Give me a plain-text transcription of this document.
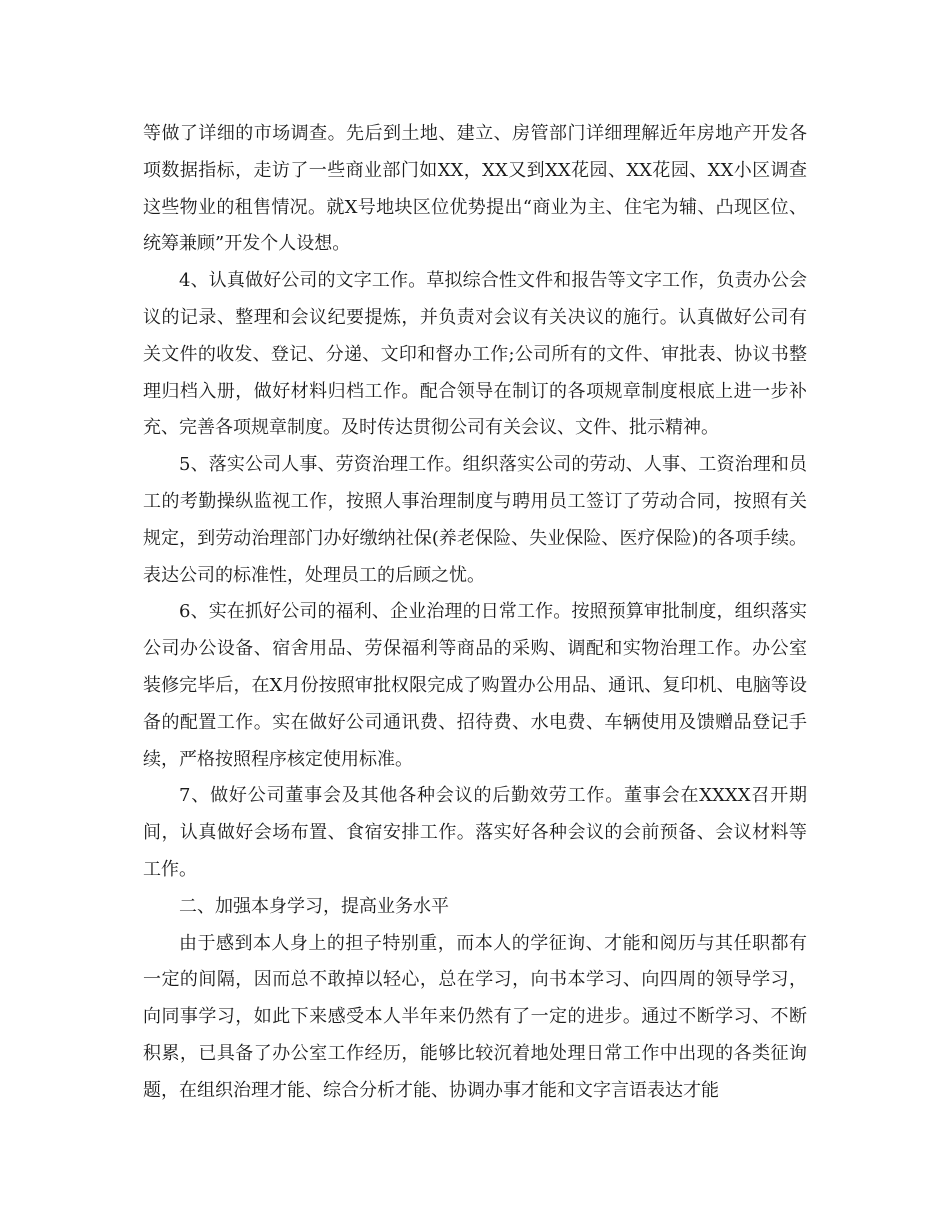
等做了详细的市场调查。先后到土地、建立、房管部门详细理解近年房地产开发各项数据指标，走访了一些商业部门如XX，XX又到XX花园、XX花园、XX小区调查这些物业的租售情况。就X号地块区位优势提出“商业为主、住宅为辅、凸现区位、统筹兼顾”开发个人设想。

4、认真做好公司的文字工作。草拟综合性文件和报告等文字工作，负责办公会议的记录、整理和会议纪要提炼，并负责对会议有关决议的施行。认真做好公司有关文件的收发、登记、分递、文印和督办工作;公司所有的文件、审批表、协议书整理归档入册，做好材料归档工作。配合领导在制订的各项规章制度根底上进一步补充、完善各项规章制度。及时传达贯彻公司有关会议、文件、批示精神。

5、落实公司人事、劳资治理工作。组织落实公司的劳动、人事、工资治理和员工的考勤操纵监视工作，按照人事治理制度与聘用员工签订了劳动合同，按照有关规定，到劳动治理部门办好缴纳社保(养老保险、失业保险、医疗保险)的各项手续。表达公司的标准性，处理员工的后顾之忧。

6、实在抓好公司的福利、企业治理的日常工作。按照预算审批制度，组织落实公司办公设备、宿舍用品、劳保福利等商品的采购、调配和实物治理工作。办公室装修完毕后，在X月份按照审批权限完成了购置办公用品、通讯、复印机、电脑等设备的配置工作。实在做好公司通讯费、招待费、水电费、车辆使用及馈赠品登记手续，严格按照程序核定使用标准。

7、做好公司董事会及其他各种会议的后勤效劳工作。董事会在XXXX召开期间，认真做好会场布置、食宿安排工作。落实好各种会议的会前预备、会议材料等工作。

二、加强本身学习，提高业务水平

由于感到本人身上的担子特别重，而本人的学征询、才能和阅历与其任职都有一定的间隔，因而总不敢掉以轻心，总在学习，向书本学习、向四周的领导学习，向同事学习，如此下来感受本人半年来仍然有了一定的进步。通过不断学习、不断积累，已具备了办公室工作经历，能够比较沉着地处理日常工作中出现的各类征询题，在组织治理才能、综合分析才能、协调办事才能和文字言语表达才能
